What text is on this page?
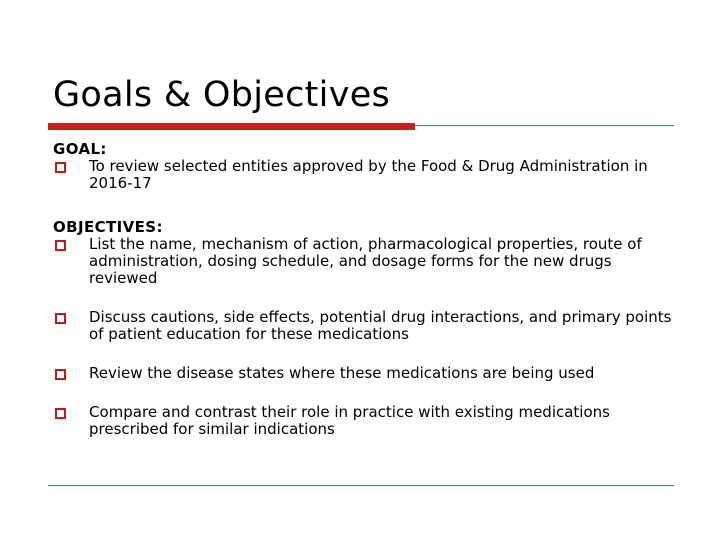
Goals & Objectives

GOAL:

To review selected entities approved by the Food & Drug Administration in 2016-17

OBJECTIVES:

List the name, mechanism of action, pharmacological properties, route of administration, dosing schedule, and dosage forms for the new drugs reviewed
Discuss cautions, side effects, potential drug interactions, and primary points of patient education for these medications
Review the disease states where these medications are being used
Compare and contrast their role in practice with existing medications prescribed for similar indications
